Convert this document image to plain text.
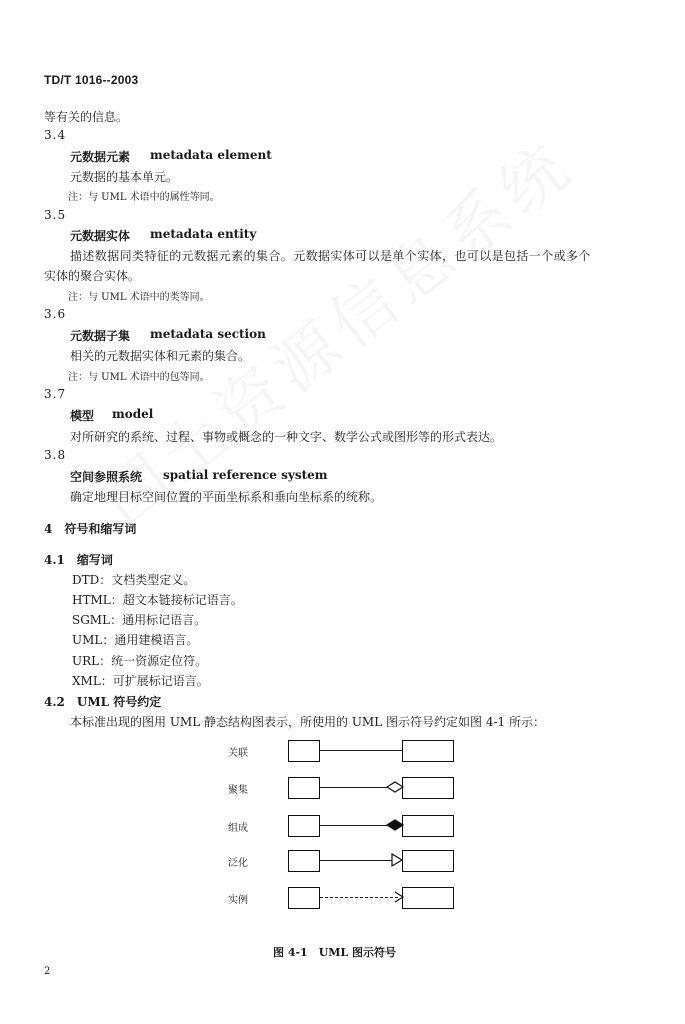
TD/T 1016--2003
等有关的信息。
3.4
元数据元素 metadata element
元数据的基本单元。
注：与 UML 术语中的属性等同。
3.5
元数据实体 metadata entity
描述数据同类特征的元数据元素的集合。元数据实体可以是单个实体，也可以是包括一个或多个
实体的聚合实体。
注：与 UML 术语中的类等同。
3.6
元数据子集 metadata section
相关的元数据实体和元素的集合。
注：与 UML 术语中的包等同。
3.7
模型 model
对所研究的系统、过程、事物或概念的一种文字、数学公式或图形等的形式表达。
3.8
空间参照系统 spatial reference system
确定地理目标空间位置的平面坐标系和垂向坐标系的统称。
4　符号和缩写词
4.1　缩写词
DTD：文档类型定义。
HTML：超文本链接标记语言。
SGML：通用标记语言。
UML：通用建模语言。
URL：统一资源定位符。
XML：可扩展标记语言。
4.2　UML 符号约定
本标准出现的图用 UML 静态结构图表示，所使用的 UML 图示符号约定如图 4-1 所示：
关联
聚集
组成
泛化
实例
图 4-1　UML 图示符号
2
